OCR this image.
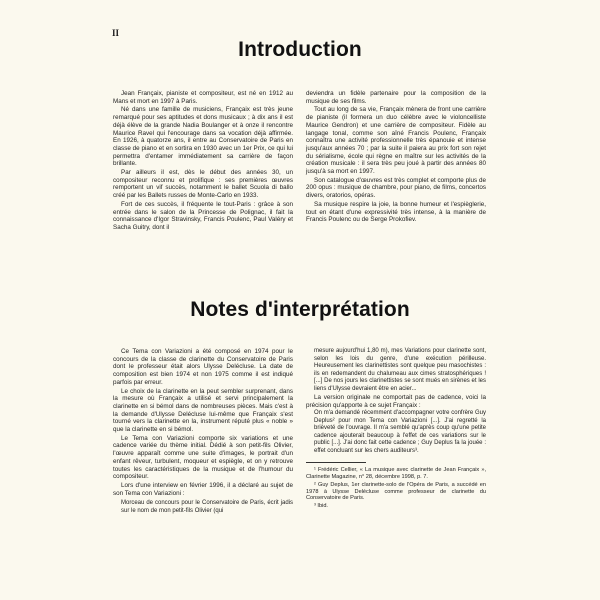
II
Introduction

Jean Françaix, pianiste et compositeur, est né en 1912 au Mans et mort en 1997 à Paris.

Né dans une famille de musiciens, Françaix est très jeune remarqué pour ses aptitudes et dons musicaux ; à dix ans il est déjà élève de la grande Nadia Boulanger et à onze il rencontre Maurice Ravel qui l'encourage dans sa vocation déjà affirmée. En 1926, à quatorze ans, il entre au Conservatoire de Paris en classe de piano et en sortira en 1930 avec un 1er Prix, ce qui lui permettra d'entamer immédiatement sa carrière de façon brillante.

Par ailleurs il est, dès le début des années 30, un compositeur reconnu et prolifique : ses premières œuvres remportent un vif succès, notamment le ballet Scuola di ballo créé par les Ballets russes de Monte-Carlo en 1933.

Fort de ces succès, il fréquente le tout-Paris : grâce à son entrée dans le salon de la Princesse de Polignac, il fait la connaissance d'Igor Stravinsky, Francis Poulenc, Paul Valéry et Sacha Guitry, dont il

deviendra un fidèle partenaire pour la composition de la musique de ses films.

Tout au long de sa vie, Françaix mènera de front une carrière de pianiste (il formera un duo célèbre avec le violoncelliste Maurice Gendron) et une carrière de compositeur. Fidèle au langage tonal, comme son aîné Francis Poulenc, Françaix connaîtra une activité professionnelle très épanouie et intense jusqu'aux années 70 ; par la suite il paiera au prix fort son rejet du sérialisme, école qui règne en maître sur les activités de la création musicale : il sera très peu joué à partir des années 80 jusqu'à sa mort en 1997.

Son catalogue d'œuvres est très complet et comporte plus de 200 opus : musique de chambre, pour piano, de films, concertos divers, oratorios, opéras.

Sa musique respire la joie, la bonne humeur et l'espièglerie, tout en étant d'une expressivité très intense, à la manière de Francis Poulenc ou de Serge Prokofiev.

Notes d'interprétation

Ce Tema con Variazioni a été composé en 1974 pour le concours de la classe de clarinette du Conservatoire de Paris dont le professeur était alors Ulysse Delécluse. La date de composition est bien 1974 et non 1975 comme il est indiqué parfois par erreur.

Le choix de la clarinette en la peut sembler surprenant, dans la mesure où Françaix a utilisé et servi principalement la clarinette en si bémol dans de nombreuses pièces. Mais c'est à la demande d'Ulysse Delécluse lui-même que Françaix s'est tourné vers la clarinette en la, instrument réputé plus « noble » que la clarinette en si bémol.

Le Tema con Variazioni comporte six variations et une cadence variée du thème initial. Dédié à son petit-fils Olivier, l'œuvre apparaît comme une suite d'images, le portrait d'un enfant rêveur, turbulent, moqueur et espiègle, et on y retrouve toutes les caractéristiques de la musique et de l'humour du compositeur.

Lors d'une interview en février 1996, il a déclaré au sujet de son Tema con Variazioni :

Morceau de concours pour le Conservatoire de Paris, écrit jadis sur le nom de mon petit-fils Olivier (qui

mesure aujourd'hui 1,80 m), mes Variations pour clarinette sont, selon les lois du genre, d'une exécution périlleuse. Heureusement les clarinettistes sont quelque peu masochistes : ils en redemandent du chalumeau aux cimes stratosphériques ! [...] De nos jours les clarinettistes se sont mués en sirènes et les liens d'Ulysse devraient être en acier...

La version originale ne comportait pas de cadence, voici la précision qu'apporte à ce sujet Françaix :

On m'a demandé récemment d'accompagner votre confrère Guy Deplus² pour mon Tema con Variazioni [...]. J'ai regretté la brièveté de l'ouvrage. Il m'a semblé qu'après coup qu'une petite cadence ajouterait beaucoup à l'effet de ces variations sur le public [...]. J'ai donc fait cette cadence ; Guy Deplus fa la jouée : effet concluant sur les chers auditeurs³.

¹ Frédéric Cellier, « La musique avec clarinette de Jean Françaix », Clarinette Magazine, n° 28, décembre 1998, p. 7.

² Guy Deplus, 1er clarinette-solo de l'Opéra de Paris, a succédé en 1978 à Ulysse Delécluse comme professeur de clarinette du Conservatoire de Paris.

³ Ibid.
